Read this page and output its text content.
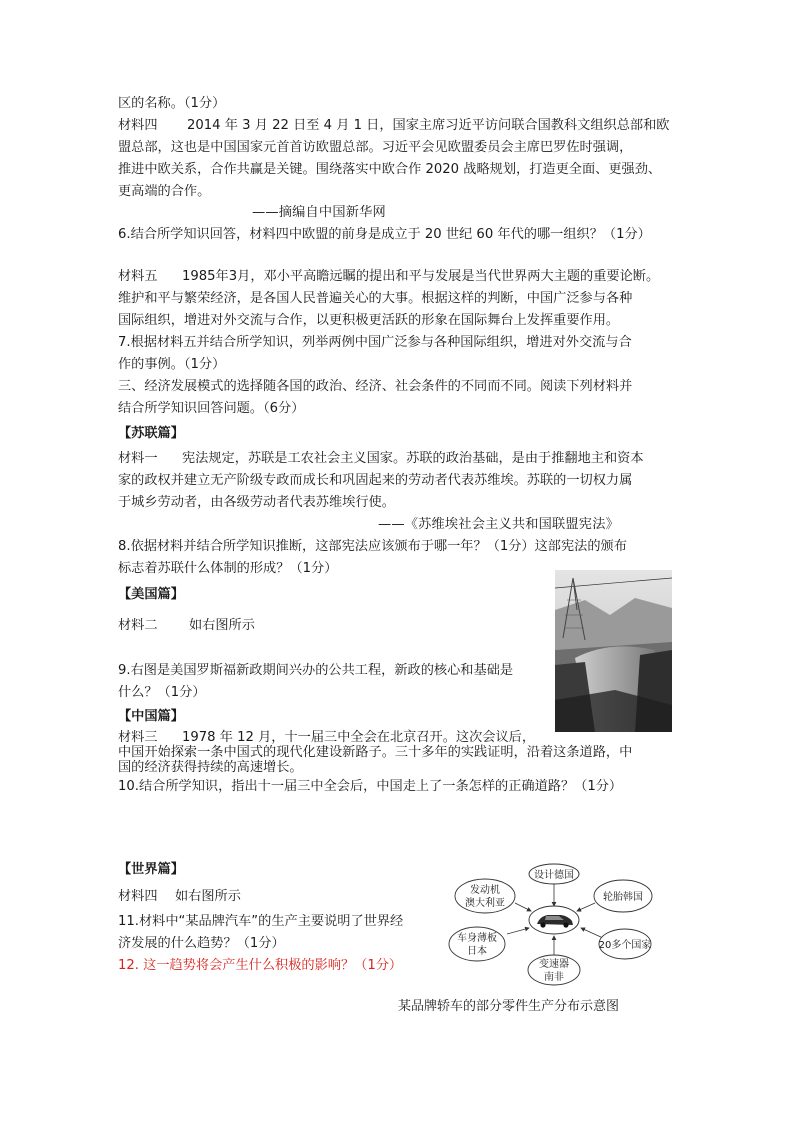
区的名称。（1分）
材料四 2014 年 3 月 22 日至 4 月 1 日，国家主席习近平访问联合国教科文组织总部和欧
盟总部，这也是中国国家元首首访欧盟总部。习近平会见欧盟委员会主席巴罗佐时强调，
推进中欧关系，合作共赢是关键。围绕落实中欧合作 2020 战略规划，打造更全面、更强劲、
更高端的合作。
——摘编自中国新华网
6.结合所学知识回答，材料四中欧盟的前身是成立于 20 世纪 60 年代的哪一组织？（1分）
材料五 1985年3月，邓小平高瞻远瞩的提出和平与发展是当代世界两大主题的重要论断。
维护和平与繁荣经济，是各国人民普遍关心的大事。根据这样的判断，中国广泛参与各种
国际组织，增进对外交流与合作，以更积极更活跃的形象在国际舞台上发挥重要作用。
7.根据材料五并结合所学知识，列举两例中国广泛参与各种国际组织，增进对外交流与合
作的事例。（1分）
三、经济发展模式的选择随各国的政治、经济、社会条件的不同而不同。阅读下列材料并
结合所学知识回答问题。（6分）
【苏联篇】
材料一 宪法规定，苏联是工农社会主义国家。苏联的政治基础，是由于推翻地主和资本
家的政权并建立无产阶级专政而成长和巩固起来的劳动者代表苏维埃。苏联的一切权力属
于城乡劳动者，由各级劳动者代表苏维埃行使。
——《苏维埃社会主义共和国联盟宪法》
8.依据材料并结合所学知识推断，这部宪法应该颁布于哪一年？（1分）这部宪法的颁布
标志着苏联什么体制的形成？（1分）
【美国篇】
材料二 如右图所示
9.右图是美国罗斯福新政期间兴办的公共工程，新政的核心和基础是
什么？（1分）
【中国篇】
材料三 1978 年 12 月，十一届三中全会在北京召开。这次会议后，
中国开始探索一条中国式的现代化建设新路子。三十多年的实践证明，沿着这条道路，中
国的经济获得持续的高速增长。
10.结合所学知识，指出十一届三中全会后，中国走上了一条怎样的正确道路？（1分）
【世界篇】
材料四 如右图所示
11.材料中“某品牌汽车”的生产主要说明了世界经
济发展的什么趋势？（1分）
12. 这一趋势将会产生什么积极的影响？（1分）
设计德国
发动机
澳大利亚
轮胎韩国
车身薄板
日本
20多个国家
变速器
南非
某品牌轿车的部分零件生产分布示意图
